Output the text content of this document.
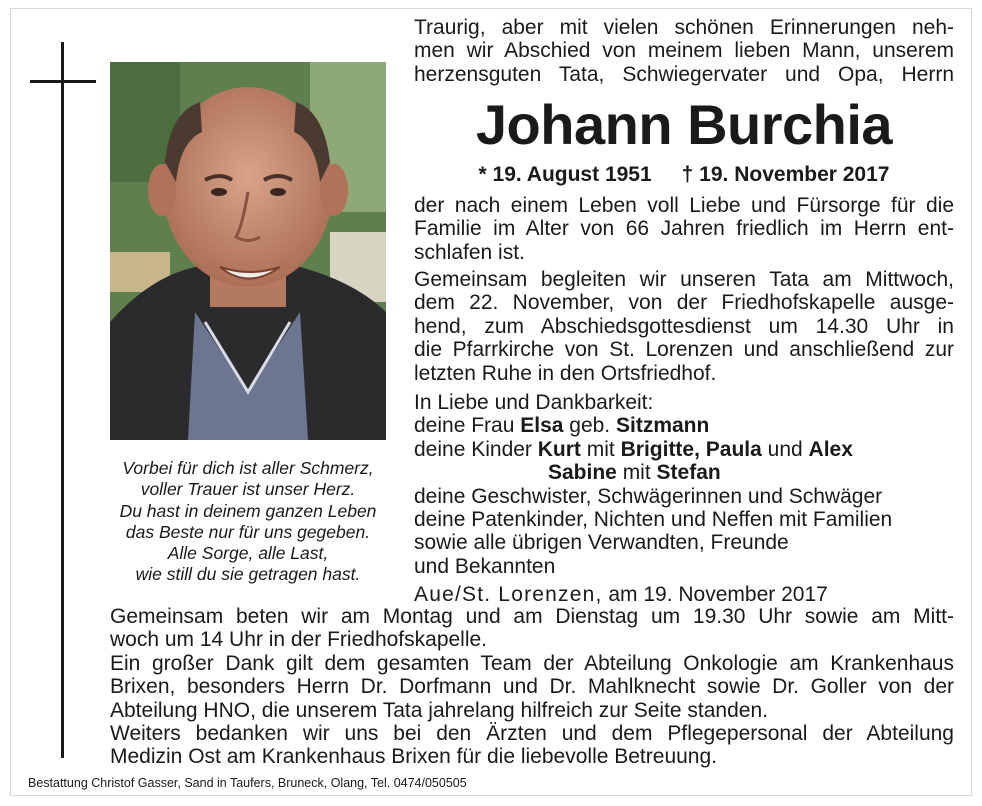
Vorbei für dich ist aller Schmerz,
voller Trauer ist unser Herz.
Du hast in deinem ganzen Leben
das Beste nur für uns gegeben.
Alle Sorge, alle Last,
wie still du sie getragen hast.
Traurig, aber mit vielen schönen Erinnerungen neh-
men wir Abschied von meinem lieben Mann, unserem
herzensguten Tata, Schwiegervater und Opa, Herrn
Johann Burchia
* 19. August 1951 † 19. November 2017
der nach einem Leben voll Liebe und Fürsorge für die
Familie im Alter von 66 Jahren friedlich im Herrn ent-
schlafen ist.
Gemeinsam begleiten wir unseren Tata am Mittwoch,
dem 22. November, von der Friedhofskapelle ausge-
hend, zum Abschiedsgottesdienst um 14.30 Uhr in
die Pfarrkirche von St. Lorenzen und anschließend zur
letzten Ruhe in den Ortsfriedhof.
In Liebe und Dankbarkeit:
deine Frau Elsa geb. Sitzmann
deine Kinder Kurt mit Brigitte, Paula und Alex
Sabine mit Stefan
deine Geschwister, Schwägerinnen und Schwäger
deine Patenkinder, Nichten und Neffen mit Familien
sowie alle übrigen Verwandten, Freunde
und Bekannten
Aue/St. Lorenzen, am 19. November 2017
Gemeinsam beten wir am Montag und am Dienstag um 19.30 Uhr sowie am Mitt-
woch um 14 Uhr in der Friedhofskapelle.
Ein großer Dank gilt dem gesamten Team der Abteilung Onkologie am Krankenhaus
Brixen, besonders Herrn Dr. Dorfmann und Dr. Mahlknecht sowie Dr. Goller von der
Abteilung HNO, die unserem Tata jahrelang hilfreich zur Seite standen.
Weiters bedanken wir uns bei den Ärzten und dem Pflegepersonal der Abteilung
Medizin Ost am Krankenhaus Brixen für die liebevolle Betreuung.
Bestattung Christof Gasser, Sand in Taufers, Bruneck, Olang, Tel. 0474/050505
